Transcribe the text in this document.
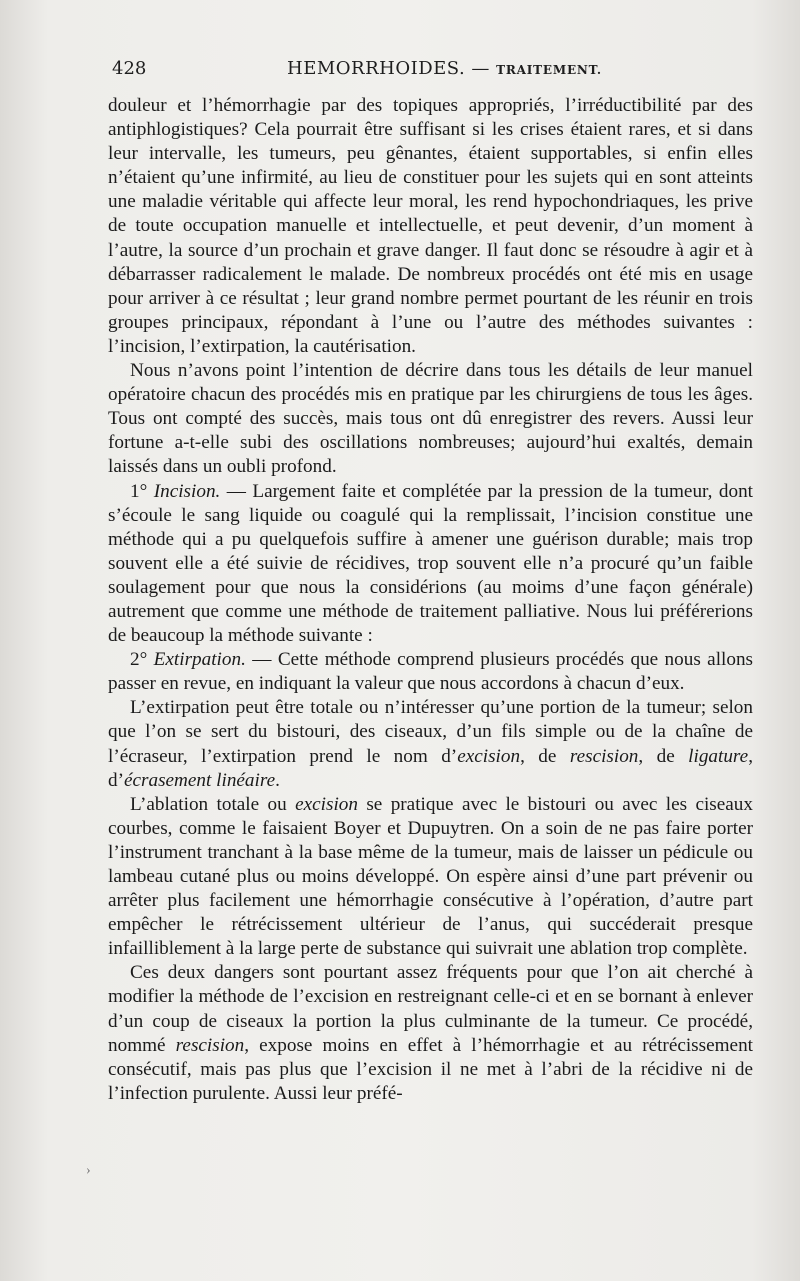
428	HEMORRHOIDES. — TRAITEMENT.

douleur et l’hémorrhagie par des topiques appropriés, l’irréductibilité par des antiphlogistiques? Cela pourrait être suffisant si les crises étaient rares, et si dans leur intervalle, les tumeurs, peu gênantes, étaient supportables, si enfin elles n’étaient qu’une infirmité, au lieu de constituer pour les sujets qui en sont atteints une maladie véritable qui affecte leur moral, les rend hypochondriaques, les prive de toute occupation manuelle et intellectuelle, et peut devenir, d’un moment à l’autre, la source d’un prochain et grave danger. Il faut donc se résoudre à agir et à débarrasser radicalement le malade. De nombreux procédés ont été mis en usage pour arriver à ce résultat ; leur grand nombre permet pourtant de les réunir en trois groupes principaux, répondant à l’une ou l’autre des méthodes suivantes : l’incision, l’extirpation, la cautérisation.

Nous n’avons point l’intention de décrire dans tous les détails de leur manuel opératoire chacun des procédés mis en pratique par les chirurgiens de tous les âges. Tous ont compté des succès, mais tous ont dû enregistrer des revers. Aussi leur fortune a-t-elle subi des oscillations nombreuses; aujourd’hui exaltés, demain laissés dans un oubli profond.

1° Incision. — Largement faite et complétée par la pression de la tumeur, dont s’écoule le sang liquide ou coagulé qui la remplissait, l’incision constitue une méthode qui a pu quelquefois suffire à amener une guérison durable; mais trop souvent elle a été suivie de récidives, trop souvent elle n’a procuré qu’un faible soulagement pour que nous la considérions (au moims d’une façon générale) autrement que comme une méthode de traitement palliative. Nous lui préférerions de beaucoup la méthode suivante :

2° Extirpation. — Cette méthode comprend plusieurs procédés que nous allons passer en revue, en indiquant la valeur que nous accordons à chacun d’eux.

L’extirpation peut être totale ou n’intéresser qu’une portion de la tumeur; selon que l’on se sert du bistouri, des ciseaux, d’un fils simple ou de la chaîne de l’écraseur, l’extirpation prend le nom d’excision, de rescision, de ligature, d’écrasement linéaire.

L’ablation totale ou excision se pratique avec le bistouri ou avec les ciseaux courbes, comme le faisaient Boyer et Dupuytren. On a soin de ne pas faire porter l’instrument tranchant à la base même de la tumeur, mais de laisser un pédicule ou lambeau cutané plus ou moins développé. On espère ainsi d’une part prévenir ou arrêter plus facilement une hémorrhagie consécutive à l’opération, d’autre part empêcher le rétrécissement ultérieur de l’anus, qui succéderait presque infailliblement à la large perte de substance qui suivrait une ablation trop complète.

Ces deux dangers sont pourtant assez fréquents pour que l’on ait cherché à modifier la méthode de l’excision en restreignant celle-ci et en se bornant à enlever d’un coup de ciseaux la portion la plus culminante de la tumeur. Ce procédé, nommé rescision, expose moins en effet à l’hémorrhagie et au rétrécissement consécutif, mais pas plus que l’excision il ne met à l’abri de la récidive ni de l’infection purulente. Aussi leur préfé-

›
